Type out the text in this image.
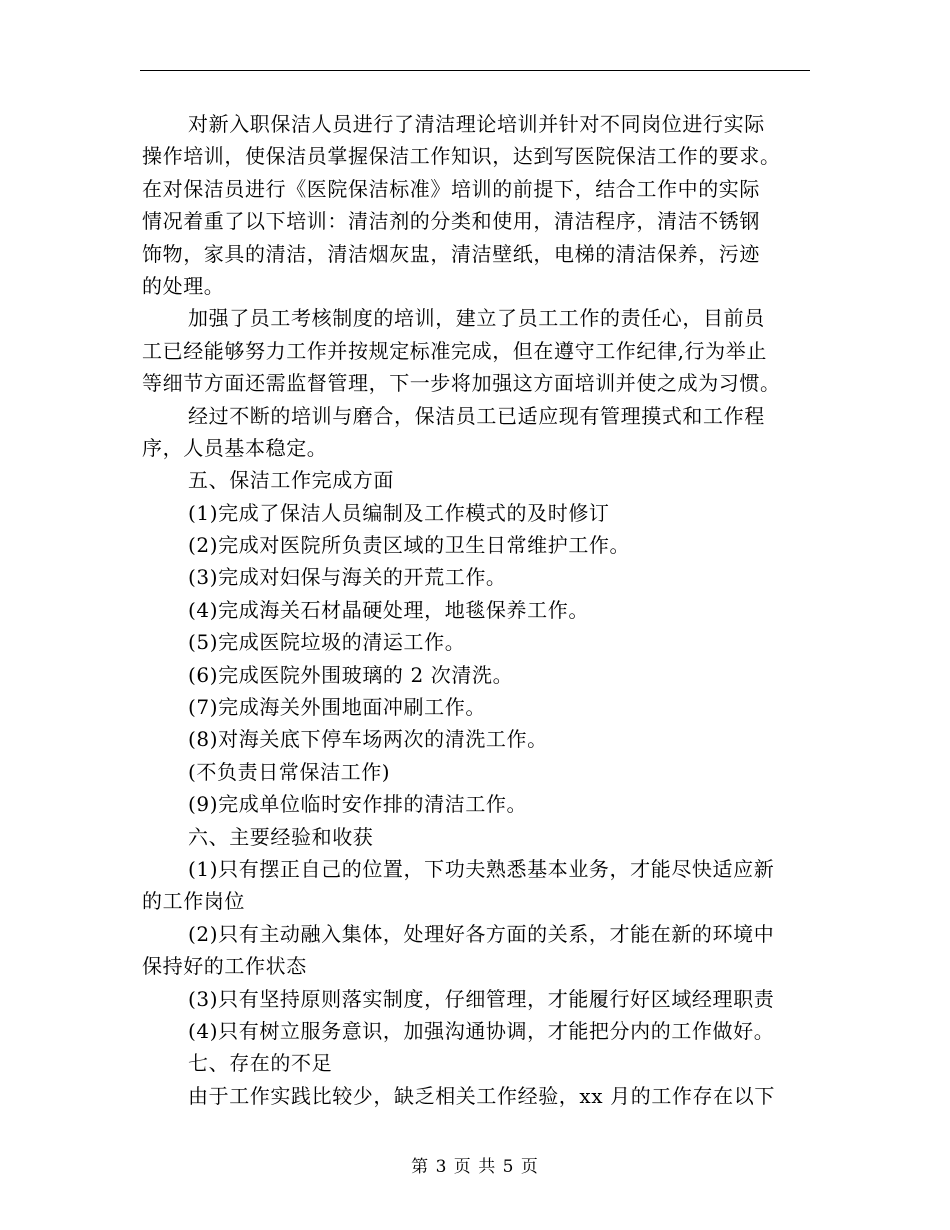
对新入职保洁人员进行了清洁理论培训并针对不同岗位进行实际
操作培训，使保洁员掌握保洁工作知识，达到写医院保洁工作的要求。
在对保洁员进行《医院保洁标准》培训的前提下，结合工作中的实际
情况着重了以下培训：清洁剂的分类和使用，清洁程序，清洁不锈钢
饰物，家具的清洁，清洁烟灰盅，清洁壁纸，电梯的清洁保养，污迹
的处理。
加强了员工考核制度的培训，建立了员工工作的责任心，目前员
工已经能够努力工作并按规定标准完成，但在遵守工作纪律,行为举止
等细节方面还需监督管理，下一步将加强这方面培训并使之成为习惯。
经过不断的培训与磨合，保洁员工已适应现有管理摸式和工作程
序，人员基本稳定。
五、保洁工作完成方面
(1)完成了保洁人员编制及工作模式的及时修订
(2)完成对医院所负责区域的卫生日常维护工作。
(3)完成对妇保与海关的开荒工作。
(4)完成海关石材晶硬处理，地毯保养工作。
(5)完成医院垃圾的清运工作。
(6)完成医院外围玻璃的 2 次清洗。
(7)完成海关外围地面冲刷工作。
(8)对海关底下停车场两次的清洗工作。
(不负责日常保洁工作)
(9)完成单位临时安作排的清洁工作。
六、主要经验和收获
(1)只有摆正自己的位置，下功夫熟悉基本业务，才能尽快适应新
的工作岗位
(2)只有主动融入集体，处理好各方面的关系，才能在新的环境中
保持好的工作状态
(3)只有坚持原则落实制度，仔细管理，才能履行好区域经理职责
(4)只有树立服务意识，加强沟通协调，才能把分内的工作做好。
七、存在的不足
由于工作实践比较少，缺乏相关工作经验，xx 月的工作存在以下
第 3 页 共 5 页
